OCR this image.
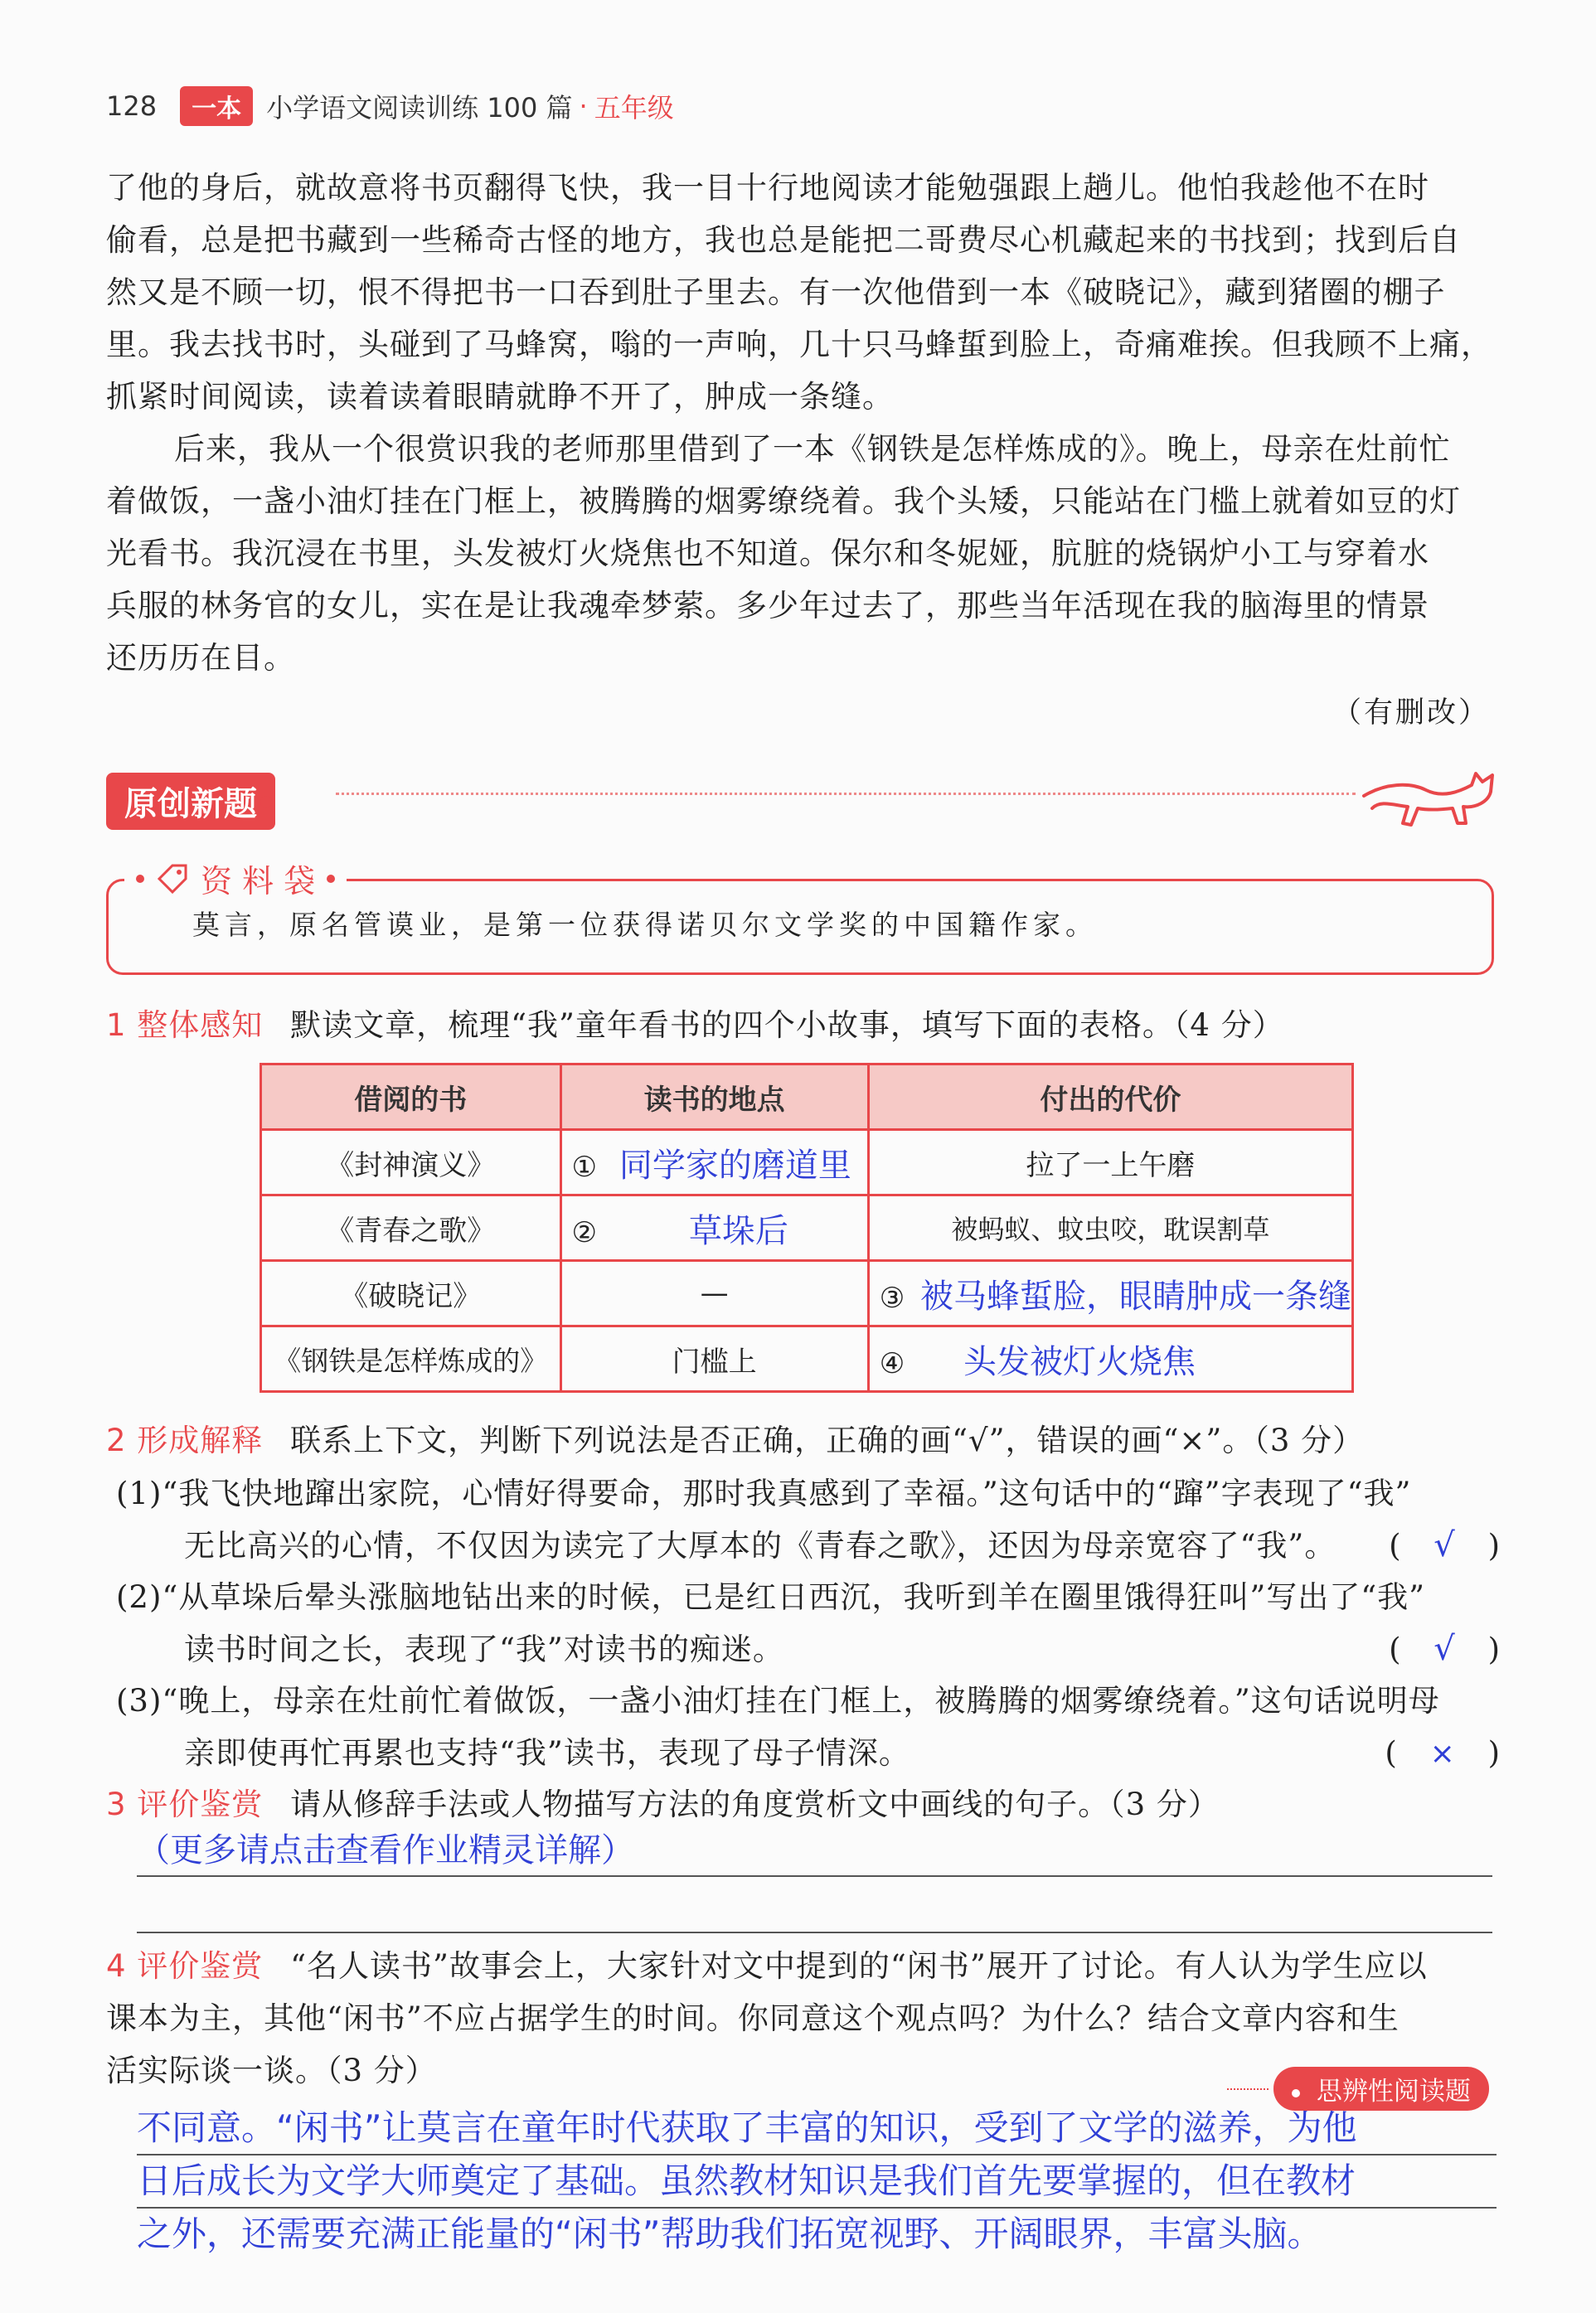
128	一本 小学语文阅读训练 100 篇 · 五年级
了他的身后，就故意将书页翻得飞快，我一目十行地阅读才能勉强跟上趟儿。他怕我趁他不在时
偷看，总是把书藏到一些稀奇古怪的地方，我也总是能把二哥费尽心机藏起来的书找到；找到后自
然又是不顾一切，恨不得把书一口吞到肚子里去。有一次他借到一本《破晓记》，藏到猪圈的棚子
里。我去找书时，头碰到了马蜂窝，嗡的一声响，几十只马蜂蜇到脸上，奇痛难挨。但我顾不上痛，
抓紧时间阅读，读着读着眼睛就睁不开了，肿成一条缝。
后来，我从一个很赏识我的老师那里借到了一本《钢铁是怎样炼成的》。晚上，母亲在灶前忙
着做饭，一盏小油灯挂在门框上，被腾腾的烟雾缭绕着。我个头矮，只能站在门槛上就着如豆的灯
光看书。我沉浸在书里，头发被灯火烧焦也不知道。保尔和冬妮娅，肮脏的烧锅炉小工与穿着水
兵服的林务官的女儿，实在是让我魂牵梦萦。多少年过去了，那些当年活现在我的脑海里的情景
还历历在目。
（有删改）
原创新题
资 料 袋
莫言，原名管谟业，是第一位获得诺贝尔文学奖的中国籍作家。
1 整体感知 默读文章，梳理“我”童年看书的四个小故事，填写下面的表格。（4 分）
借阅的书	读书的地点	付出的代价
《封神演义》	① 同学家的磨道里	拉了一上午磨
《青春之歌》	② 草垛后	被蚂蚁、蚊虫咬，耽误割草
《破晓记》	—	③ 被马蜂蜇脸，眼睛肿成一条缝
《钢铁是怎样炼成的》	门槛上	④ 头发被灯火烧焦
2 形成解释 联系上下文，判断下列说法是否正确，正确的画“√”，错误的画“×”。（3 分）
(1)“我飞快地蹿出家院，心情好得要命，那时我真感到了幸福。”这句话中的“蹿”字表现了“我”
无比高兴的心情，不仅因为读完了大厚本的《青春之歌》，还因为母亲宽容了“我”。 ( √ )
(2)“从草垛后晕头涨脑地钻出来的时候，已是红日西沉，我听到羊在圈里饿得狂叫”写出了“我”
读书时间之长，表现了“我”对读书的痴迷。	( √ )
(3)“晚上，母亲在灶前忙着做饭，一盏小油灯挂在门框上，被腾腾的烟雾缭绕着。”这句话说明母
亲即使再忙再累也支持“我”读书，表现了母子情深。	( × )
3 评价鉴赏 请从修辞手法或人物描写方法的角度赏析文中画线的句子。（3 分）
（更多请点击查看作业精灵详解）
4 评价鉴赏 “名人读书”故事会上，大家针对文中提到的“闲书”展开了讨论。有人认为学生应以
课本为主，其他“闲书”不应占据学生的时间。你同意这个观点吗？为什么？结合文章内容和生
活实际谈一谈。（3 分）
思辨性阅读题
不同意。“闲书”让莫言在童年时代获取了丰富的知识，受到了文学的滋养，为他
日后成长为文学大师奠定了基础。虽然教材知识是我们首先要掌握的，但在教材
之外，还需要充满正能量的“闲书”帮助我们拓宽视野、开阔眼界，丰富头脑。
